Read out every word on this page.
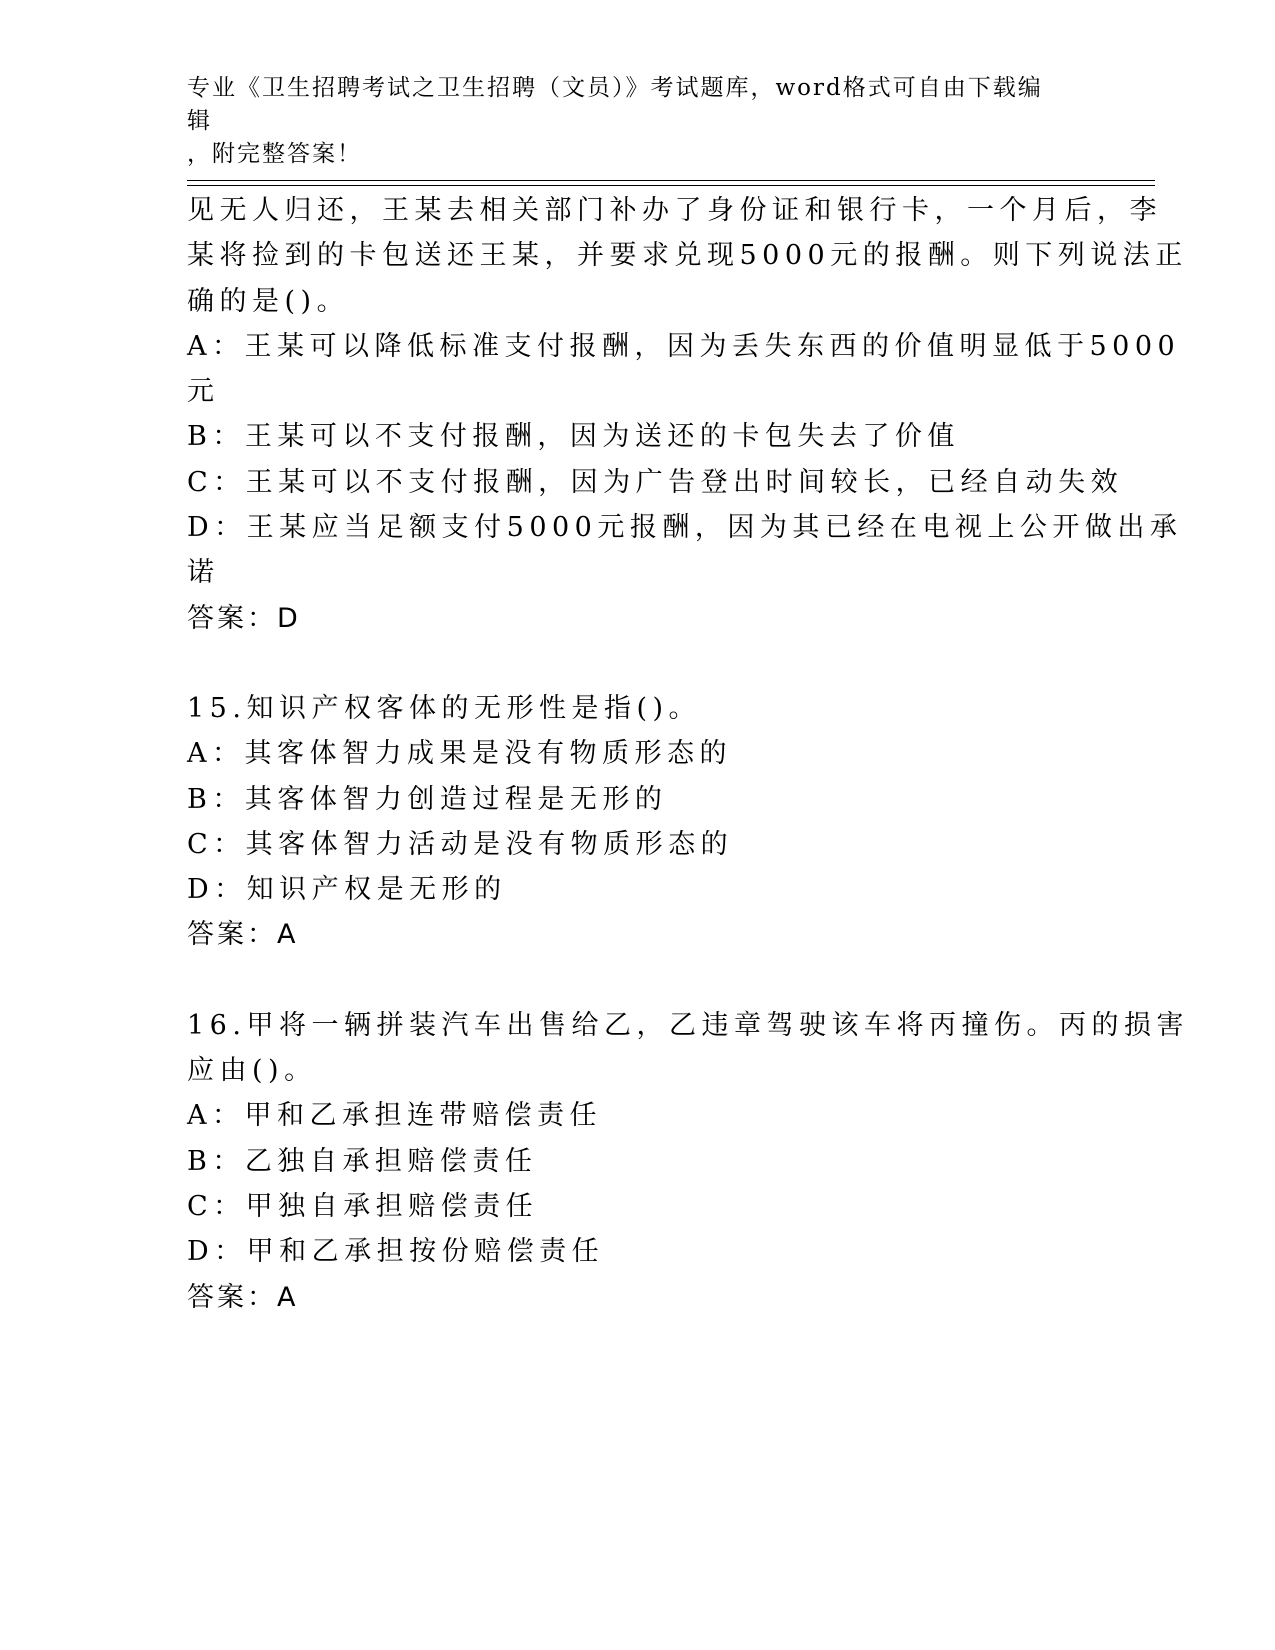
专业《卫生招聘考试之卫生招聘（文员）》考试题库，word格式可自由下载编辑
，附完整答案！
见无人归还，王某去相关部门补办了身份证和银行卡，一个月后，李
某将捡到的卡包送还王某，并要求兑现5000元的报酬。则下列说法正
确的是()。
A：王某可以降低标准支付报酬，因为丢失东西的价值明显低于5000
元
B：王某可以不支付报酬，因为送还的卡包失去了价值
C：王某可以不支付报酬，因为广告登出时间较长，已经自动失效
D：王某应当足额支付5000元报酬，因为其已经在电视上公开做出承
诺
答案：D
15.知识产权客体的无形性是指()。
A：其客体智力成果是没有物质形态的
B：其客体智力创造过程是无形的
C：其客体智力活动是没有物质形态的
D：知识产权是无形的
答案：A
16.甲将一辆拼装汽车出售给乙，乙违章驾驶该车将丙撞伤。丙的损害
应由()。
A：甲和乙承担连带赔偿责任
B：乙独自承担赔偿责任
C：甲独自承担赔偿责任
D：甲和乙承担按份赔偿责任
答案：A
